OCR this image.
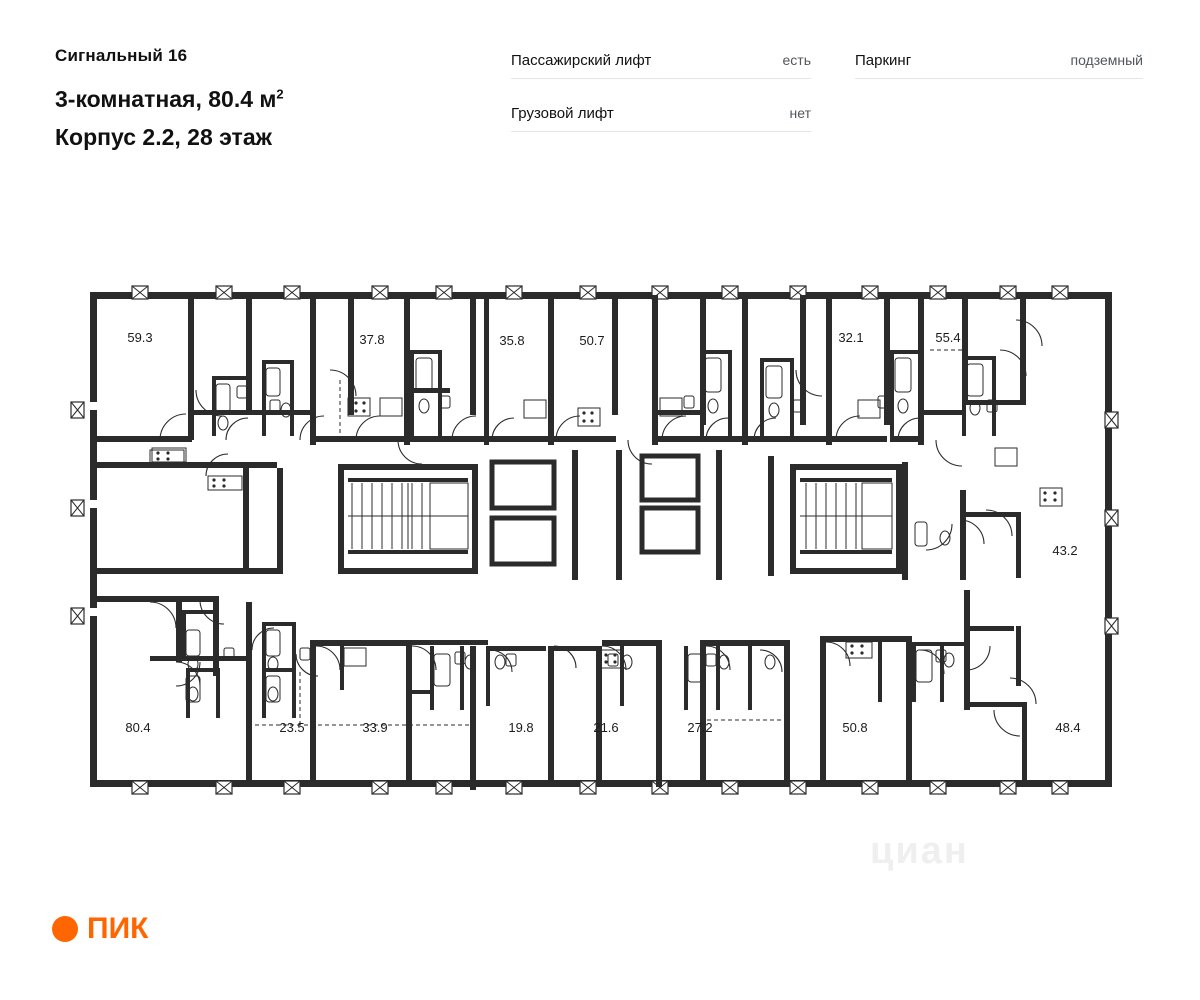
Сигнальный 16
3-комнатная, 80.4 $м^2$
Корпус 2.2, 28 этаж
Пассажирский лифт	есть
Грузовой лифт	нет
Паркинг	подземный
59.3	37.8	35.8	50.7	32.1	55.4
43.2
80.4	23.5	33.9	19.8	21.6	27.2	50.8	48.4
циан
ПИК
